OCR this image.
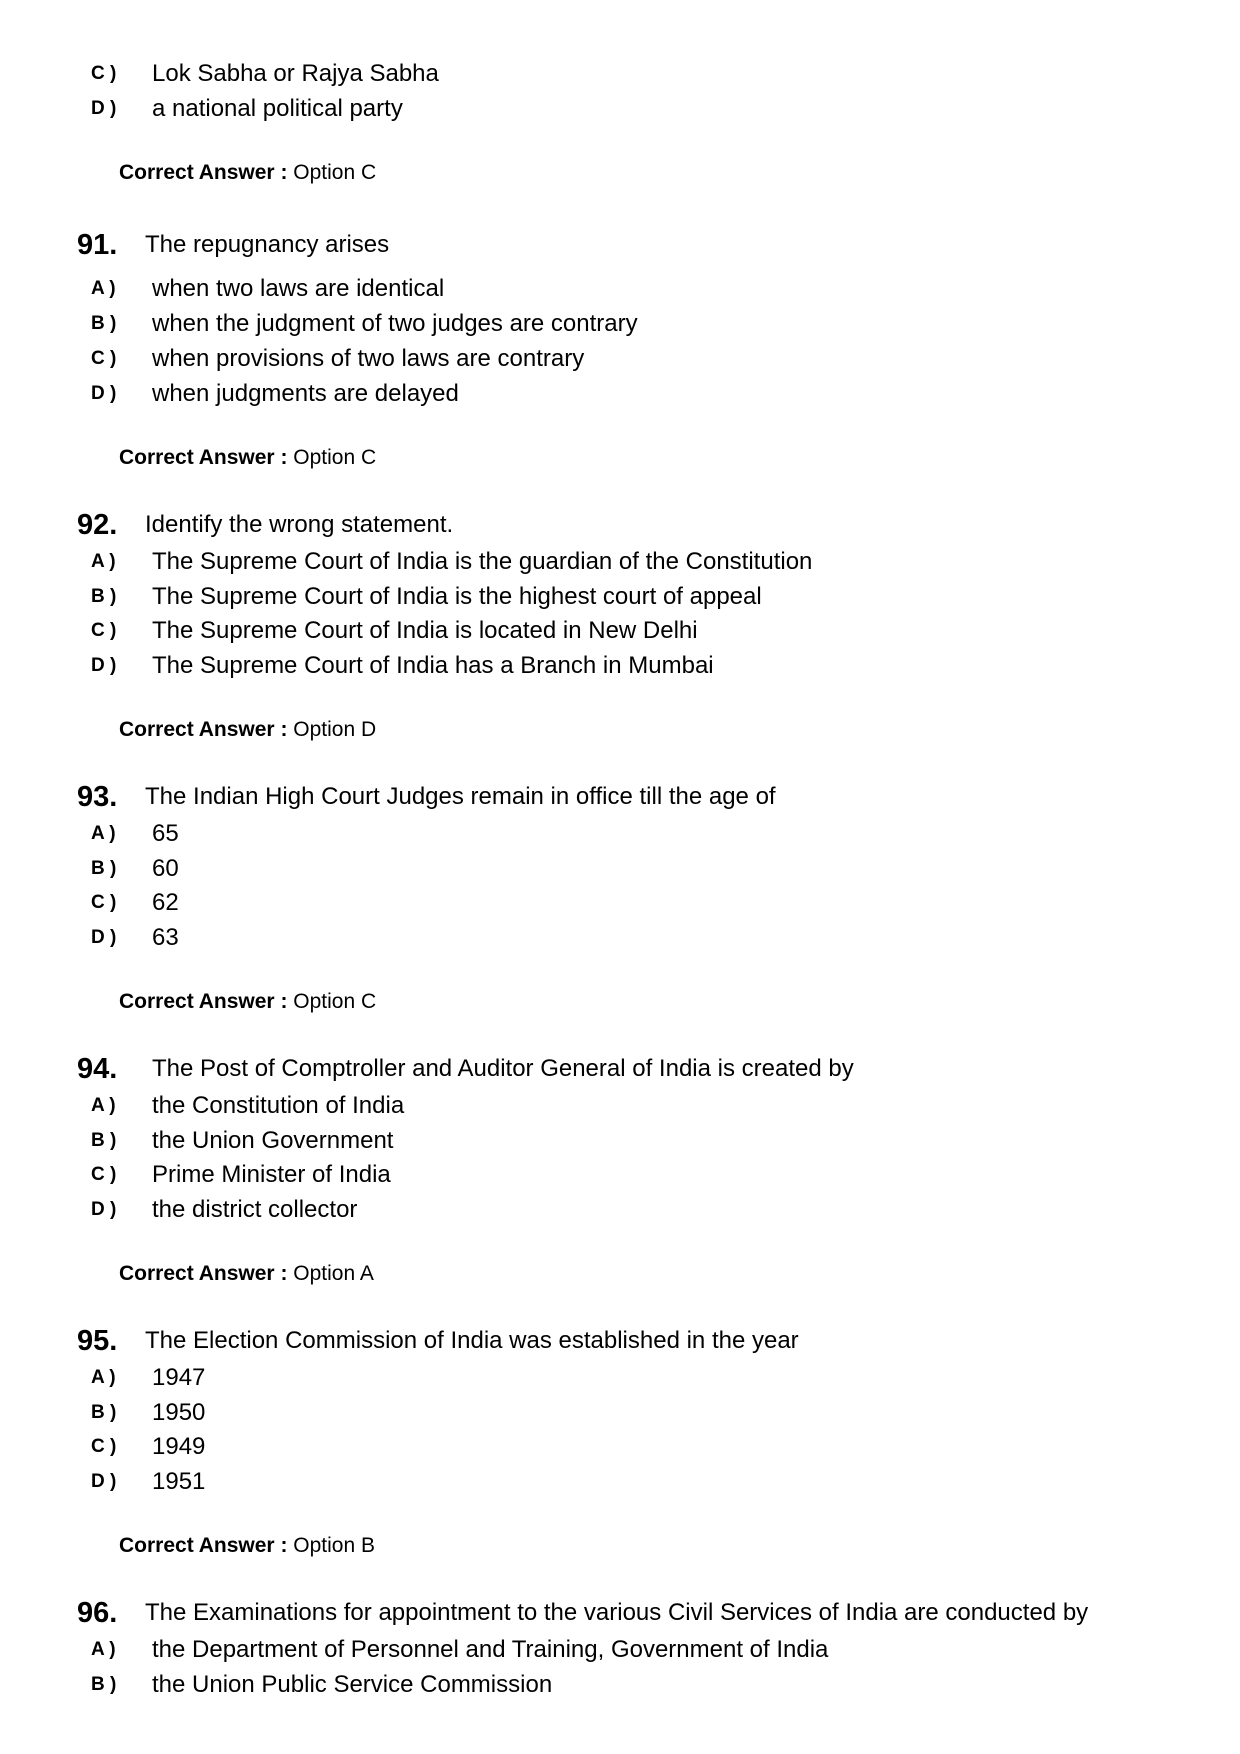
C ) Lok Sabha or Rajya Sabha
D ) a national political party
Correct Answer : Option C
91. The repugnancy arises
A ) when two laws are identical
B ) when the judgment of two judges are contrary
C ) when provisions of two laws are contrary
D ) when judgments are delayed
Correct Answer : Option C
92. Identify the wrong statement.
A ) The Supreme Court of India is the guardian of the Constitution
B ) The Supreme Court of India is the highest court of appeal
C ) The Supreme Court of India is located in New Delhi
D ) The Supreme Court of India has a Branch in Mumbai
Correct Answer : Option D
93. The Indian High Court Judges remain in office till the age of
A ) 65
B ) 60
C ) 62
D ) 63
Correct Answer : Option C
94. The Post of Comptroller and Auditor General of India is created by
A ) the Constitution of India
B ) the Union Government
C ) Prime Minister of India
D ) the district collector
Correct Answer : Option A
95. The Election Commission of India was established in the year
A ) 1947
B ) 1950
C ) 1949
D ) 1951
Correct Answer : Option B
96. The Examinations for appointment to the various Civil Services of India are conducted by
A ) the Department of Personnel and Training, Government of India
B ) the Union Public Service Commission
